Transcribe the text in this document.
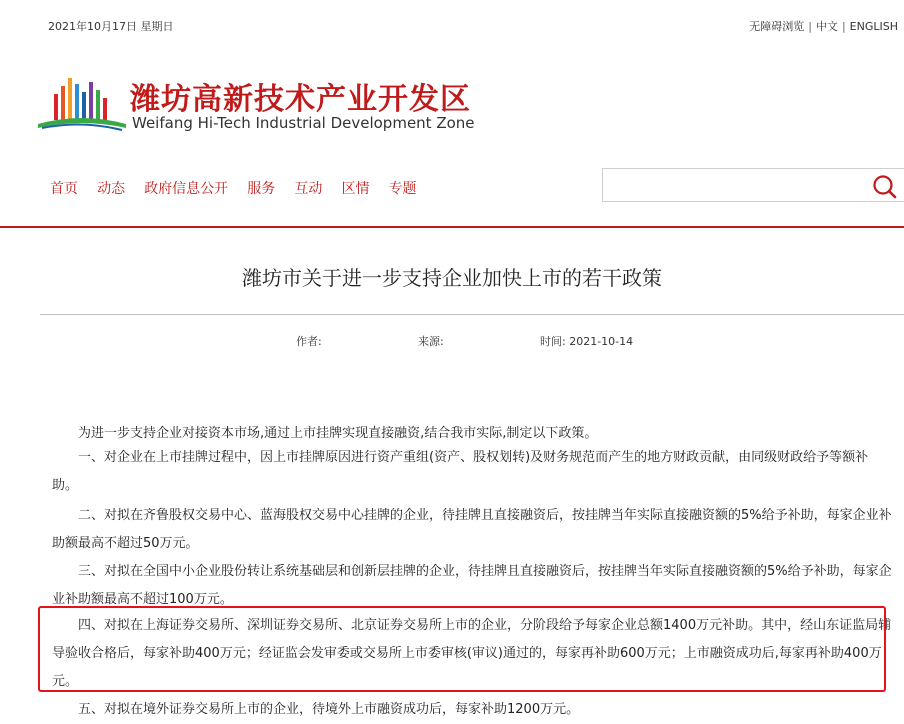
2021年10月17日 星期日	无障碍浏览 | 中文 | ENGLISH
潍坊高新技术产业开发区
Weifang Hi-Tech Industrial Development Zone
首页 动态 政府信息公开 服务 互动 区情 专题
潍坊市关于进一步支持企业加快上市的若干政策
作者:	来源:	时间: 2021-10-14
为进一步支持企业对接资本市场,通过上市挂牌实现直接融资,结合我市实际,制定以下政策。
一、对企业在上市挂牌过程中，因上市挂牌原因进行资产重组(资产、股权划转)及财务规范而产生的地方财政贡献，由同级财政给予等额补助。
二、对拟在齐鲁股权交易中心、蓝海股权交易中心挂牌的企业，待挂牌且直接融资后，按挂牌当年实际直接融资额的5%给予补助，每家企业补助额最高不超过50万元。
三、对拟在全国中小企业股份转让系统基础层和创新层挂牌的企业，待挂牌且直接融资后，按挂牌当年实际直接融资额的5%给予补助，每家企业补助额最高不超过100万元。
四、对拟在上海证券交易所、深圳证券交易所、北京证券交易所上市的企业，分阶段给予每家企业总额1400万元补助。其中，经山东证监局辅导验收合格后，每家补助400万元；经证监会发审委或交易所上市委审核(审议)通过的，每家再补助600万元；上市融资成功后,每家再补助400万元。
五、对拟在境外证券交易所上市的企业，待境外上市融资成功后，每家补助1200万元。
